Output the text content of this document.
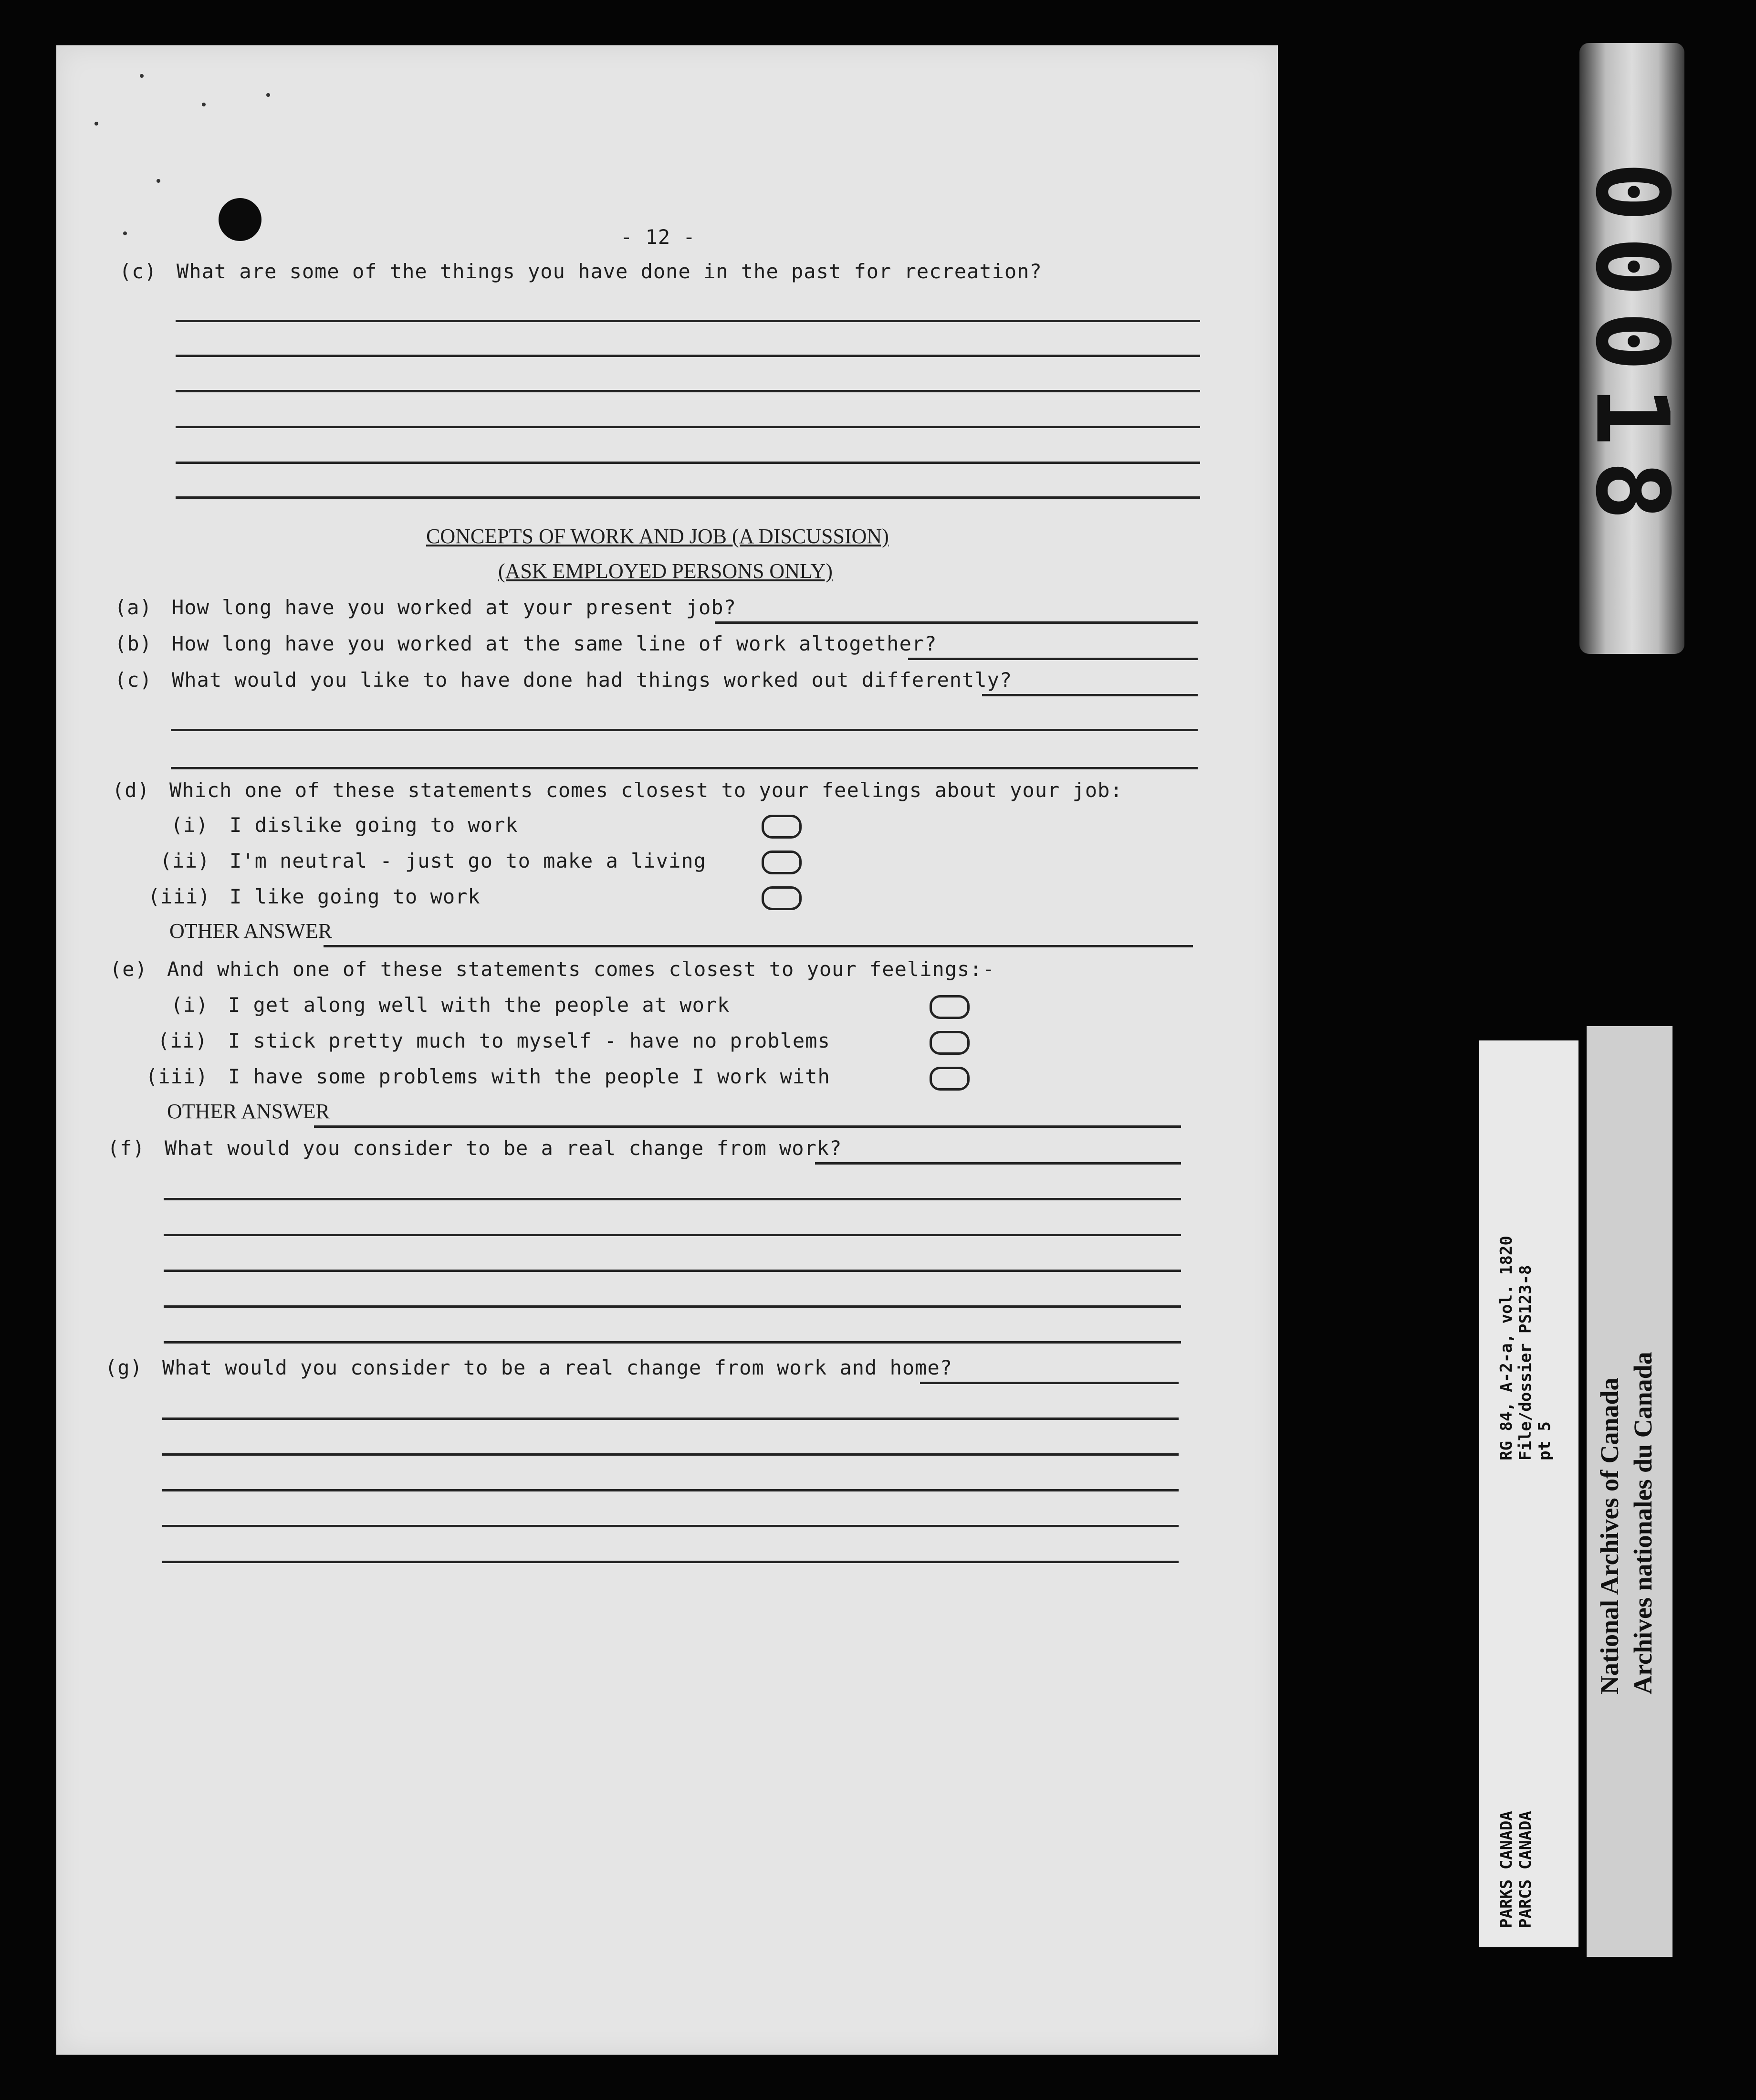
- 12 -
(c) What are some of the things you have done in the past for recreation?
CONCEPTS OF WORK AND JOB (A DISCUSSION)
(ASK EMPLOYED PERSONS ONLY)
(a) How long have you worked at your present job?
(b) How long have you worked at the same line of work altogether?
(c) What would you like to have done had things worked out differently?
(d) Which one of these statements comes closest to your feelings about your job:
(i) I dislike going to work
(ii) I'm neutral - just go to make a living
(iii) I like going to work
OTHER ANSWER
(e) And which one of these statements comes closest to your feelings:-
(i) I get along well with the people at work
(ii) I stick pretty much to myself - have no problems
(iii) I have some problems with the people I work with
OTHER ANSWER
(f) What would you consider to be a real change from work?
(g) What would you consider to be a real change from work and home?
00018
RG 84, A-2-a, vol. 1820 File/dossier PS123-8 pt 5
PARKS CANADA PARCS CANADA
National Archives of Canada Archives nationales du Canada
